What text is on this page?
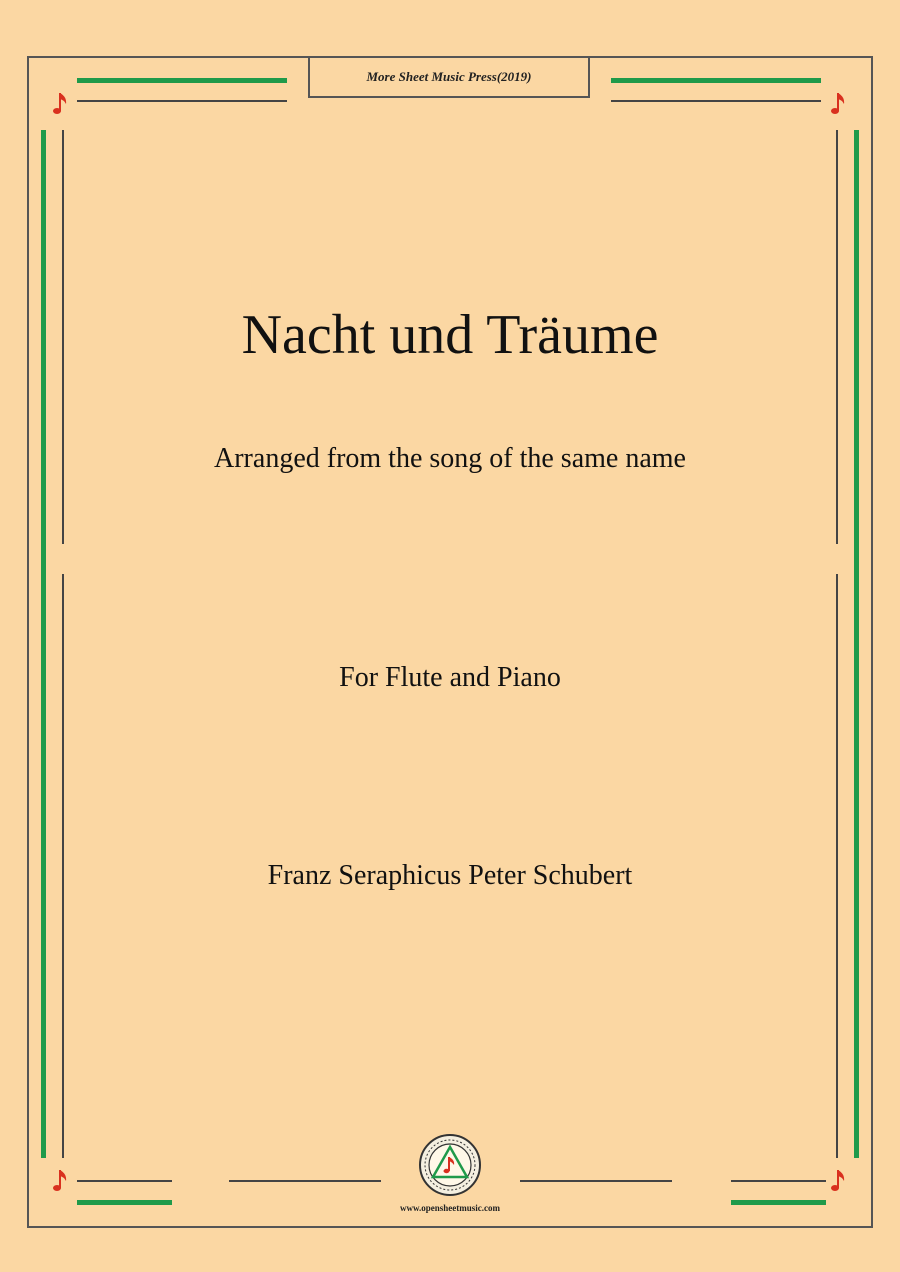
More Sheet Music Press(2019)
Nacht und Träume
Arranged from the song of the same name
For Flute and Piano
Franz Seraphicus Peter Schubert
www.opensheetmusic.com
